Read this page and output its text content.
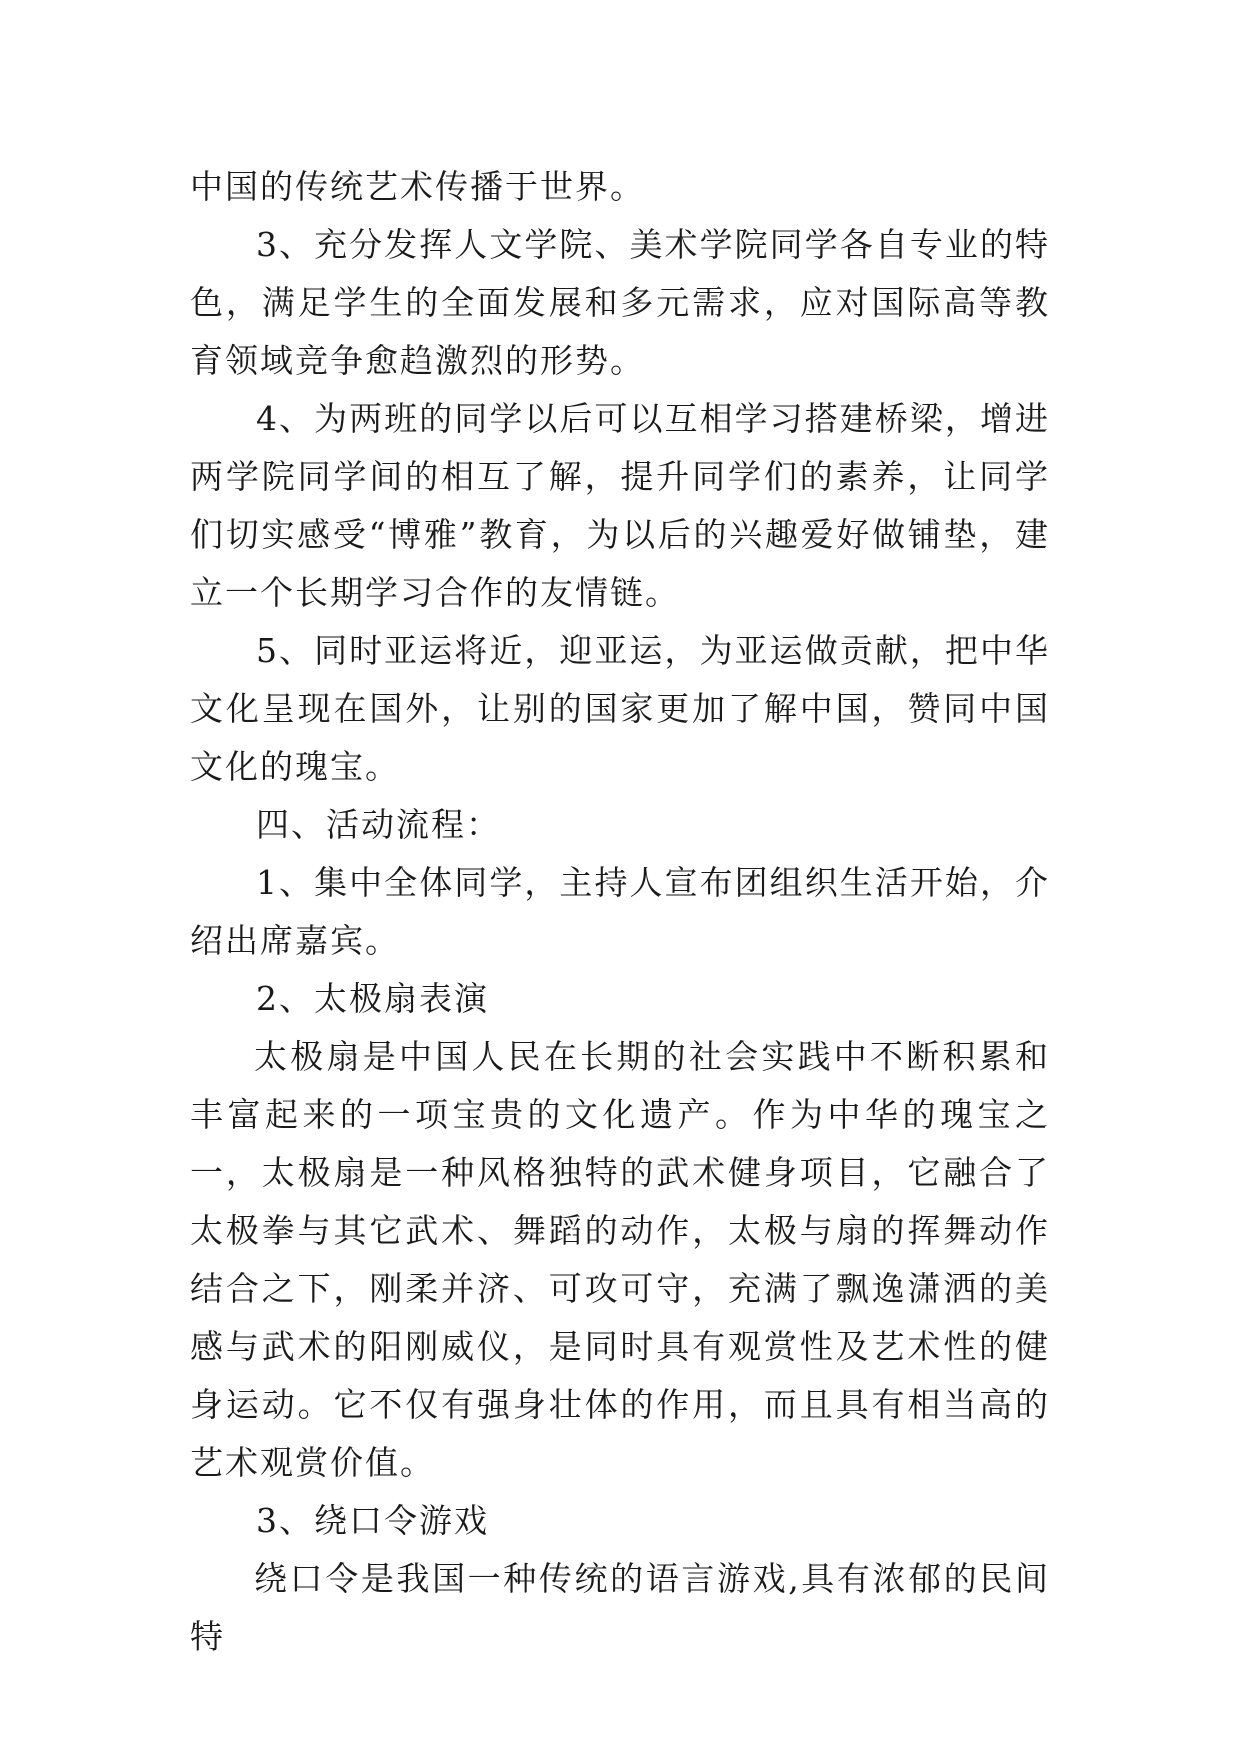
中国的传统艺术传播于世界。

3、充分发挥人文学院、美术学院同学各自专业的特色，满足学生的全面发展和多元需求，应对国际高等教育领域竞争愈趋激烈的形势。

4、为两班的同学以后可以互相学习搭建桥梁，增进两学院同学间的相互了解，提升同学们的素养，让同学们切实感受“博雅”教育，为以后的兴趣爱好做铺垫，建立一个长期学习合作的友情链。

5、同时亚运将近，迎亚运，为亚运做贡献，把中华文化呈现在国外，让别的国家更加了解中国，赞同中国文化的瑰宝。

四、活动流程：

1、集中全体同学，主持人宣布团组织生活开始，介绍出席嘉宾。

2、太极扇表演

太极扇是中国人民在长期的社会实践中不断积累和丰富起来的一项宝贵的文化遗产。作为中华的瑰宝之一，太极扇是一种风格独特的武术健身项目，它融合了太极拳与其它武术、舞蹈的动作，太极与扇的挥舞动作结合之下，刚柔并济、可攻可守，充满了飘逸潇洒的美感与武术的阳刚威仪，是同时具有观赏性及艺术性的健身运动。它不仅有强身壮体的作用，而且具有相当高的艺术观赏价值。

3、绕口令游戏

绕口令是我国一种传统的语言游戏,具有浓郁的民间特
